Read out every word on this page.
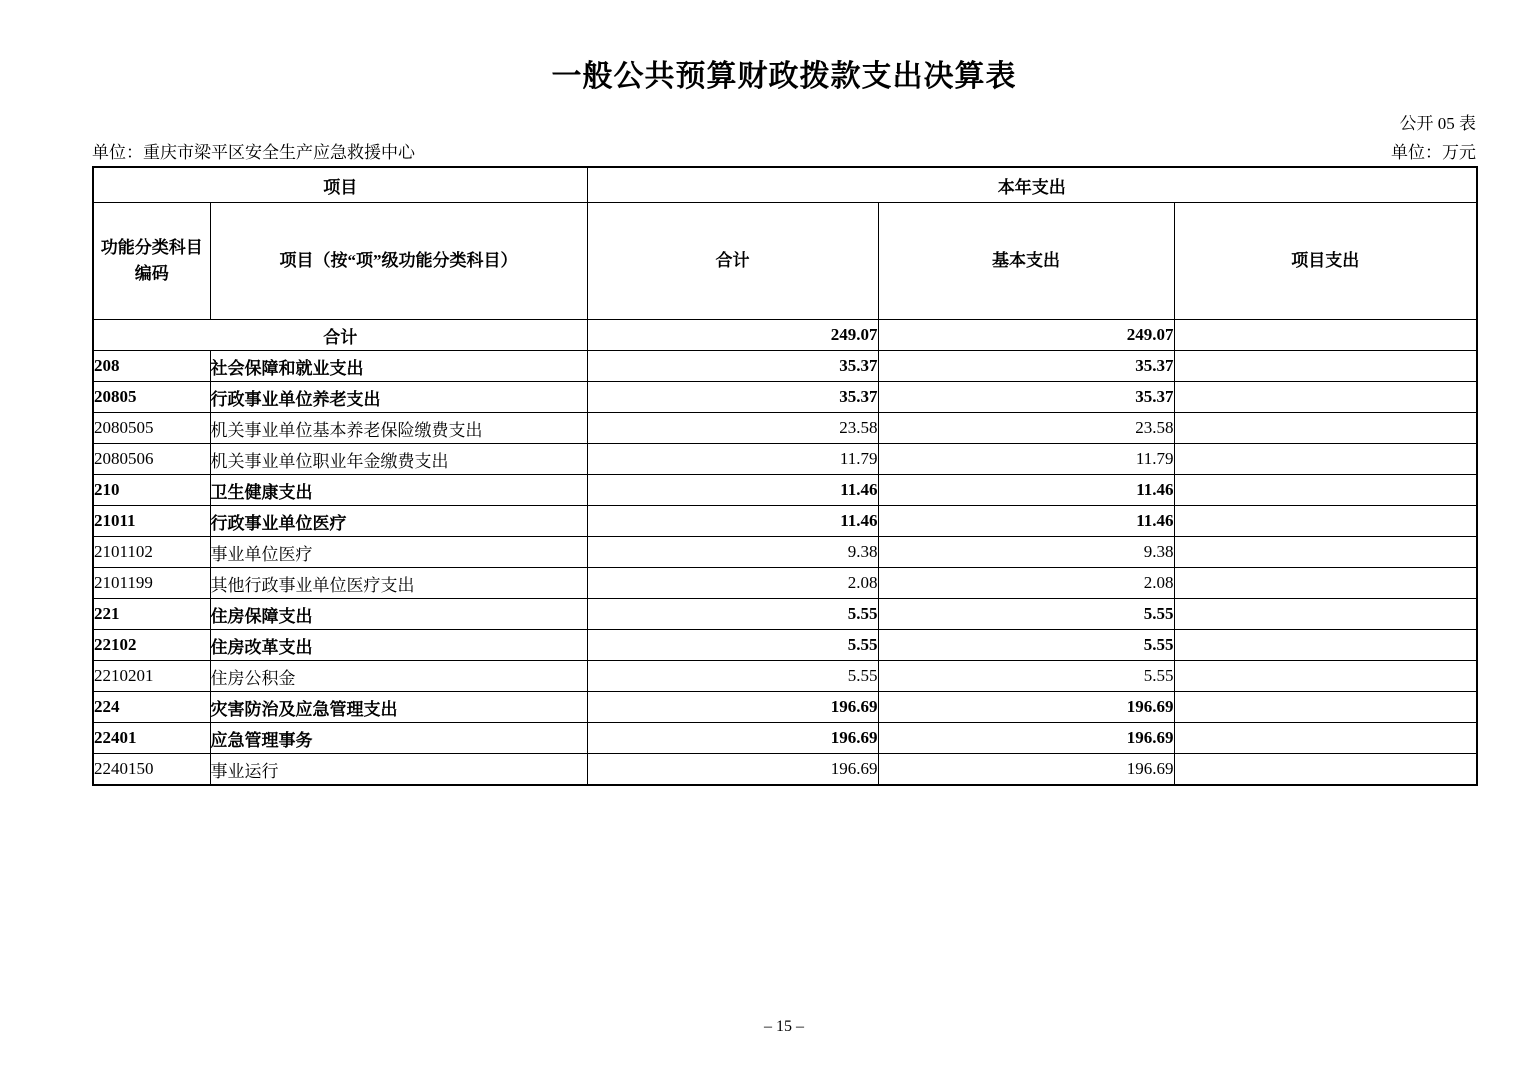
一般公共预算财政拨款支出决算表
公开 05 表
单位：重庆市梁平区安全生产应急救援中心	单位：万元
项目		本年支出		
功能分类科目
编码	项目（按“项”级功能分类科目）	合计	基本支出	项目支出
合计		249.07	249.07	
208	社会保障和就业支出	35.37	35.37	
20805	行政事业单位养老支出	35.37	35.37	
2080505	机关事业单位基本养老保险缴费支出	23.58	23.58	
2080506	机关事业单位职业年金缴费支出	11.79	11.79	
210	卫生健康支出	11.46	11.46	
21011	行政事业单位医疗	11.46	11.46	
2101102	事业单位医疗	9.38	9.38	
2101199	其他行政事业单位医疗支出	2.08	2.08	
221	住房保障支出	5.55	5.55	
22102	住房改革支出	5.55	5.55	
2210201	住房公积金	5.55	5.55	
224	灾害防治及应急管理支出	196.69	196.69	
22401	应急管理事务	196.69	196.69	
2240150	事业运行	196.69	196.69	
– 15 –
